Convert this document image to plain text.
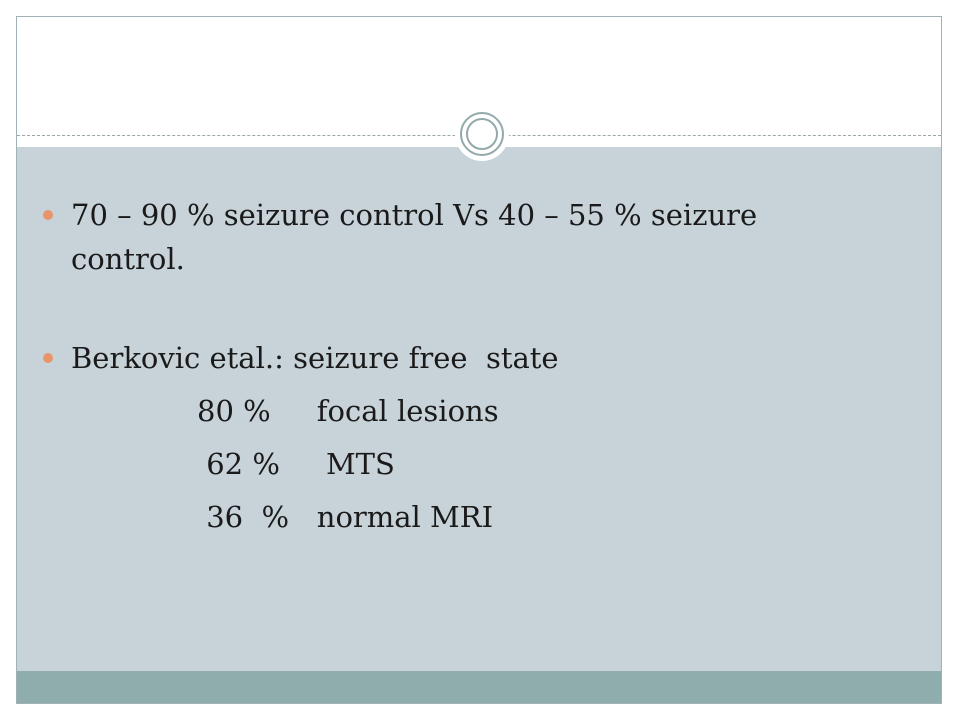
70 – 90 % seizure control Vs 40 – 55 % seizure

control.

Berkovic etal.: seizure free  state

80 %     focal lesions

62 %     MTS

36  %   normal MRI
